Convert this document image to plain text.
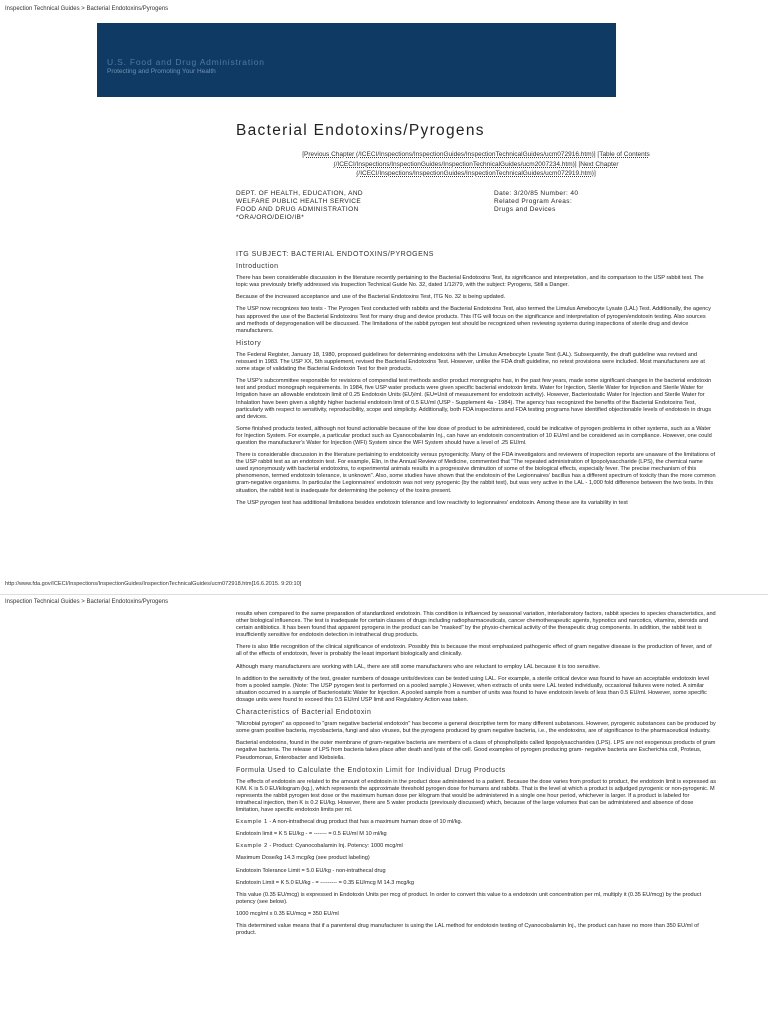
Inspection Technical Guides > Bacterial Endotoxins/Pyrogens
U.S. Food and Drug Administration
Protecting and Promoting Your Health
Bacterial Endotoxins/Pyrogens
[Previous Chapter (/ICECI/Inspections/InspectionGuides/InspectionTechnicalGuides/ucm072916.htm)] [Table of Contents (/ICECI/Inspections/InspectionGuides/InspectionTechnicalGuides/ucm2007234.htm)] [Next Chapter (/ICECI/Inspections/InspectionGuides/InspectionTechnicalGuides/ucm072919.htm)]
DEPT. OF HEALTH, EDUCATION, AND
WELFARE PUBLIC HEALTH SERVICE
FOOD AND DRUG ADMINISTRATION
*ORA/ORO/DEIO/IB*
Date: 3/20/85 Number: 40
Related Program Areas:
Drugs and Devices
ITG SUBJECT: BACTERIAL ENDOTOXINS/PYROGENS
Introduction

There has been considerable discussion in the literature recently pertaining to the Bacterial Endotoxins Test, its significance and interpretation, and its comparison to the USP rabbit test. The topic was previously briefly addressed via Inspection Technical Guide No. 32, dated 1/12/79, with the subject: Pyrogens, Still a Danger.

Because of the increased acceptance and use of the Bacterial Endotoxins Test, ITG No. 32 is being updated.

The USP now recognizes two tests - The Pyrogen Test conducted with rabbits and the Bacterial Endotoxins Test, also termed the Limulus Amebocyte Lysate (LAL) Test. Additionally, the agency has approved the use of the Bacterial Endotoxins Test for many drug and device products. This ITG will focus on the significance and interpretation of pyrogen/endotoxin testing. Also sources and methods of depyrogenation will be discussed. The limitations of the rabbit pyrogen test should be recognized when reviewing systems during inspections of sterile drug and device manufacturers.

History

The Federal Register, January 18, 1980, proposed guidelines for determining endotoxins with the Limulus Amebocyte Lysate Test (LAL). Subsequently, the draft guideline was revised and reissued in 1983. The USP XX, 5th supplement, revised the Bacterial Endotoxins Test. However, unlike the FDA draft guideline, no retest provisions were included. Most manufacturers are at some stage of validating the Bacterial Endotoxin Test for their products.

The USP's subcommittee responsible for revisions of compendial test methods and/or product monographs has, in the past few years, made some significant changes in the bacterial endotoxin test and product monograph requirements. In 1984, five USP water products were given specific bacterial endotoxin limits. Water for Injection, Sterile Water for Injection and Sterile Water for Irrigation have an allowable endotoxin limit of 0.25 Endotoxin Units (EU)/ml. (EU=Unit of measurement for endotoxin activity). However, Bacteriostatic Water for Injection and Sterile Water for Inhalation have been given a slightly higher bacterial endotoxin limit of 0.5 EU/ml (USP - Supplement 4a - 1984). The agency has recognized the benefits of the Bacterial Endotoxins Test, particularly with respect to sensitivity, reproducibility, scope and simplicity. Additionally, both FDA inspections and FDA testing programs have identified objectionable levels of endotoxin in drugs and devices.

Some finished products tested, although not found actionable because of the low dose of product to be administered, could be indicative of pyrogen problems in other systems, such as a Water for Injection System. For example, a particular product such as Cyanocobalamin Inj., can have an endotoxin concentration of 10 EU/ml and be considered as in compliance. However, one could question the manufacturer's Water for Injection (WFI) System since the WFI System should have a level of .25 EU/ml.

There is considerable discussion in the literature pertaining to endotoxicity versus pyrogenicity. Many of the FDA investigators and reviewers of inspection reports are unaware of the limitations of the USP rabbit test as an endotoxin test. For example, Elin, in the Annual Review of Medicine, commented that "The repeated administration of lipopolysaccharide (LPS), the chemical name used synonymously with bacterial endotoxins, to experimental animals results in a progressive diminution of some of the biological effects, especially fever. The precise mechanism of this phenomenon, termed endotoxin tolerance, is unknown". Also, some studies have shown that the endotoxin of the Legionnaires' bacillus has a different spectrum of toxicity than the more common gram-negative organisms. In particular the Legionnaires' endotoxin was not very pyrogenic (by the rabbit test), but was very active in the LAL - 1,000 fold difference between the two tests. In this situation, the rabbit test is inadequate for determining the potency of the toxins present.

The USP pyrogen test has additional limitations besides endotoxin tolerance and low reactivity to legionnaires' endotoxin. Among these are its variability in test

http://www.fda.gov/ICECI/Inspections/InspectionGuides/InspectionTechnicalGuides/ucm072918.htm[16.6.2015. 9:20:10]
Inspection Technical Guides > Bacterial Endotoxins/Pyrogens

results when compared to the same preparation of standardized endotoxin. This condition is influenced by seasonal variation, interlaboratory factors, rabbit species to species characteristics, and other biological influences. The test is inadequate for certain classes of drugs including radiopharmaceuticals, cancer chemotherapeutic agents, hypnotics and narcotics, vitamins, steroids and certain antibiotics. It has been found that apparent pyrogens in the product can be "masked" by the physio-chemical activity of the therapeutic drug components. In addition, the rabbit test is insufficiently sensitive for endotoxin detection in intrathecal drug products.

There is also little recognition of the clinical significance of endotoxin. Possibly this is because the most emphasized pathogenic effect of gram negative disease is the production of fever, and of all of the effects of endotoxin, fever is probably the least important biologically and clinically.

Although many manufacturers are working with LAL, there are still some manufacturers who are reluctant to employ LAL because it is too sensitive.

In addition to the sensitivity of the test, greater numbers of dosage units/devices can be tested using LAL. For example, a sterile critical device was found to have an acceptable endotoxin level from a pooled sample. (Note: The USP pyrogen test is performed on a pooled sample.) However, when extracts of units were LAL tested individually, occasional failures were noted. A similar situation occurred in a sample of Bacteriostatic Water for Injection. A pooled sample from a number of units was found to have endotoxin levels of less than 0.5 EU/ml. However, some specific dosage units were found to exceed this 0.5 EU/ml USP limit and Regulatory Action was taken.

Characteristics of Bacterial Endotoxin

"Microbial pyrogen" as opposed to "gram negative bacterial endotoxin" has become a general descriptive term for many different substances. However, pyrogenic substances can be produced by some gram positive bacteria, mycobacteria, fungi and also viruses, but the pyrogens produced by gram negative bacteria, i.e., the endotoxins, are of significance to the pharmaceutical industry.

Bacterial endotoxins, found in the outer membrane of gram-negative bacteria are members of a class of phospholipids called lipopolysaccharides (LPS). LPS are not exogenous products of gram negative bacteria. The release of LPS from bacteria takes place after death and lysis of the cell. Good examples of pyrogen producing gram- negative bacteria are Escherichia coli, Proteus, Pseudomonas, Enterobacter and Klebsiella.

Formula Used to Calculate the Endotoxin Limit for Individual Drug Products

The effects of endotoxin are related to the amount of endotoxin in the product dose administered to a patient. Because the dose varies from product to product, the endotoxin limit is expressed as K/M. K is 5.0 EU/kilogram (kg.), which represents the approximate threshold pyrogen dose for humans and rabbits. That is the level at which a product is adjudged pyrogenic or non-pyrogenic. M represents the rabbit pyrogen test dose or the maximum human dose per kilogram that would be administered in a single one hour period, whichever is larger. If a product is labeled for intrathecal injection, then K is 0.2 EU/kg. However, there are 5 water products (previously discussed) which, because of the large volumes that can be administered and absence of dose limitation, have specific endotoxin limits per ml.

Example 1 - A non-intrathecal drug product that has a maximum human dose of 10 ml/kg.

Endotoxin limit = K 5 EU/kg - = ------- = 0.5 EU/ml M 10 ml/kg

Example 2 - Product: Cyanocobalamin Inj. Potency: 1000 mcg/ml

Maximum Dose/kg 14.3 mcg/kg (see product labeling)

Endotoxin Tolerance Limit = 5.0 EU/kg - non-intrathecal drug

Endotoxin Limit = K 5.0 EU/kg - = --------- = 0.35 EU/mcg M 14.3 mcg/kg

This value (0.35 EU/mcg) is expressed in Endotoxin Units per mcg of product. In order to convert this value to a endotoxin unit concentration per ml, multiply it (0.35 EU/mcg) by the product potency (see below).

1000 mcg/ml x 0.35 EU/mcg = 350 EU/ml

This determined value means that if a parenteral drug manufacturer is using the LAL method for endotoxin testing of Cyanocobalamin Inj., the product can have no more than 350 EU/ml of product.
